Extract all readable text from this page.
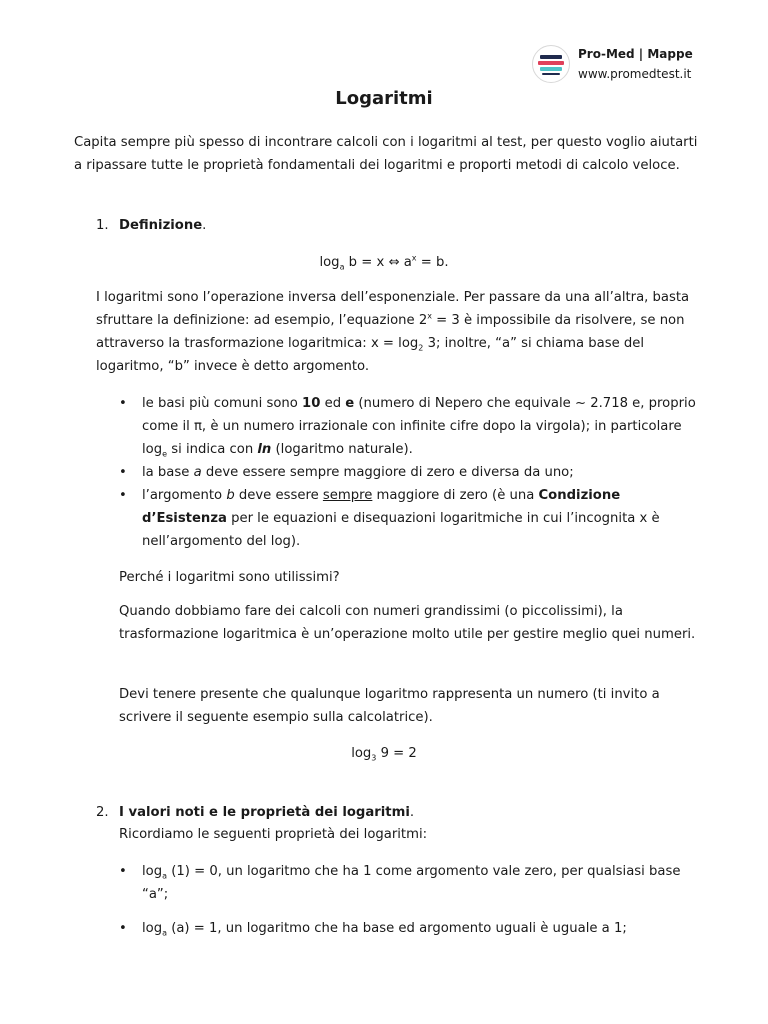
Pro-Med | Mappe
www.promedtest.it
Logaritmi

Capita sempre più spesso di incontrare calcoli con i logaritmi al test, per questo voglio aiutarti a ripassare tutte le proprietà fondamentali dei logaritmi e proporti metodi di calcolo veloce.

1. Definizione.
$\log_a b = x$ ⇔ $a^x = b$.

I logaritmi sono l’operazione inversa dell’esponenziale. Per passare da una all’altra, basta sfruttare la definizione: ad esempio, l’equazione $2^x = 3$ è impossibile da risolvere, se non attraverso la trasformazione logaritmica: $x = \log_2 3$; inoltre, “a” si chiama base del logaritmo, “b” invece è detto argomento.

• le basi più comuni sono 10 ed e (numero di Nepero che equivale ~ 2.718 e, proprio come il π, è un numero irrazionale con infinite cifre dopo la virgola); in particolare $\log_e$ si indica con ln (logaritmo naturale).
• la base a deve essere sempre maggiore di zero e diversa da uno;
• l’argomento b deve essere sempre maggiore di zero (è una Condizione d’Esistenza per le equazioni e disequazioni logaritmiche in cui l’incognita x è nell’argomento del log).

Perché i logaritmi sono utilissimi?

Quando dobbiamo fare dei calcoli con numeri grandissimi (o piccolissimi), la trasformazione logaritmica è un’operazione molto utile per gestire meglio quei numeri.

Devi tenere presente che qualunque logaritmo rappresenta un numero (ti invito a scrivere il seguente esempio sulla calcolatrice).

$\log_3 9 = 2$
2. I valori noti e le proprietà dei logaritmi.

Ricordiamo le seguenti proprietà dei logaritmi:

• $\log_a (1) = 0$, un logaritmo che ha 1 come argomento vale zero, per qualsiasi base “a”;
• $\log_a (a) = 1$, un logaritmo che ha base ed argomento uguali è uguale a 1;
